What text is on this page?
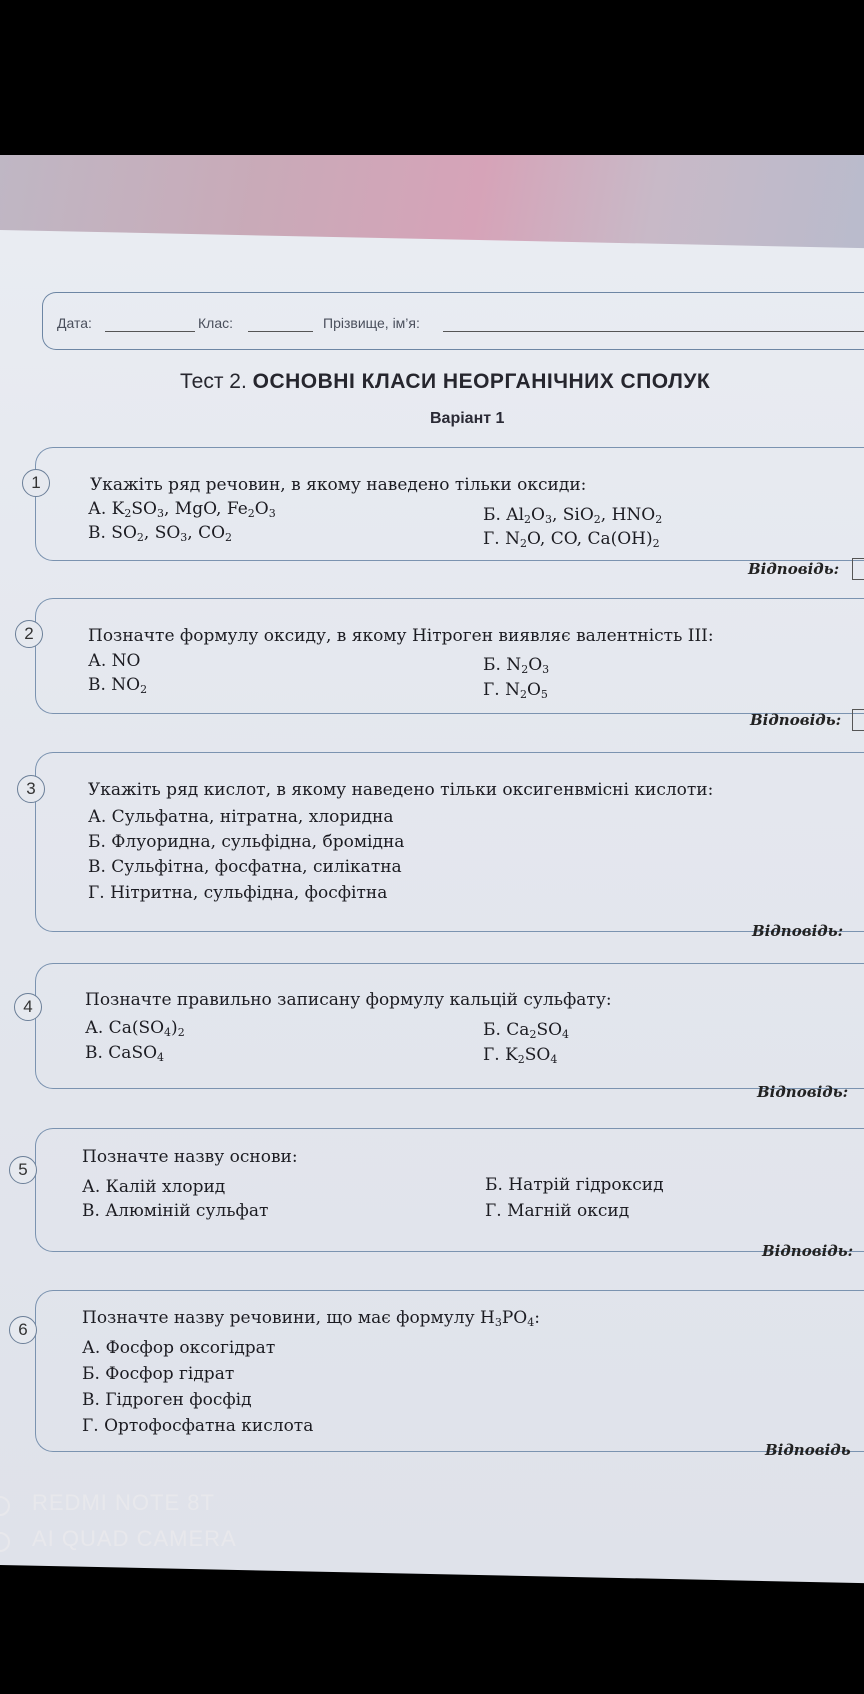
Дата:	Клас:	Прізвище, ім’я:
Тест 2. ОСНОВНІ КЛАСИ НЕОРГАНІЧНИХ СПОЛУК
Варіант 1
1	Укажіть ряд речовин, в якому наведено тільки оксиди:
А. $K_2SO_3$, MgO, $Fe_2O_3$	Б. $Al_2O_3$, SiO$_2$, $HNO_2$
В. $SO_2$, $SO_3$, $CO_2$	Г. $N_2O$, CO, $Ca(OH)_2$
Відповідь:
2	Позначте формулу оксиду, в якому Нітроген виявляє валентність ІІІ:
А. NO	Б. $N_2O_3$
В. $NO_2$	Г. $N_2O_5$
Відповідь:
3	Укажіть ряд кислот, в якому наведено тільки оксигенвмісні кислоти:
А. Сульфатна, нітратна, хлоридна
Б. Флуоридна, сульфідна, бромідна
В. Сульфітна, фосфатна, силікатна
Г. Нітритна, сульфідна, фосфітна
Відповідь:
4	Позначте правильно записану формулу кальцій сульфату:
А. $Ca(SO_4)_2$	Б. $Ca_2SO_4$
В. CaSO$_4$	Г. $K_2SO_4$
Відповідь:
5
Позначте назву основи:
А. Калій хлорид	Б. Натрій гідроксид
В. Алюміній сульфат	Г. Магній оксид
Відповідь:
6
Позначте назву речовини, що має формулу $H_3PO_4$:
А. Фосфор оксогідрат
Б. Фосфор гідрат
В. Гідроген фосфід
Г. Ортофосфатна кислота
Відповідь
REDMI NOTE 8T
AI QUAD CAMERA
